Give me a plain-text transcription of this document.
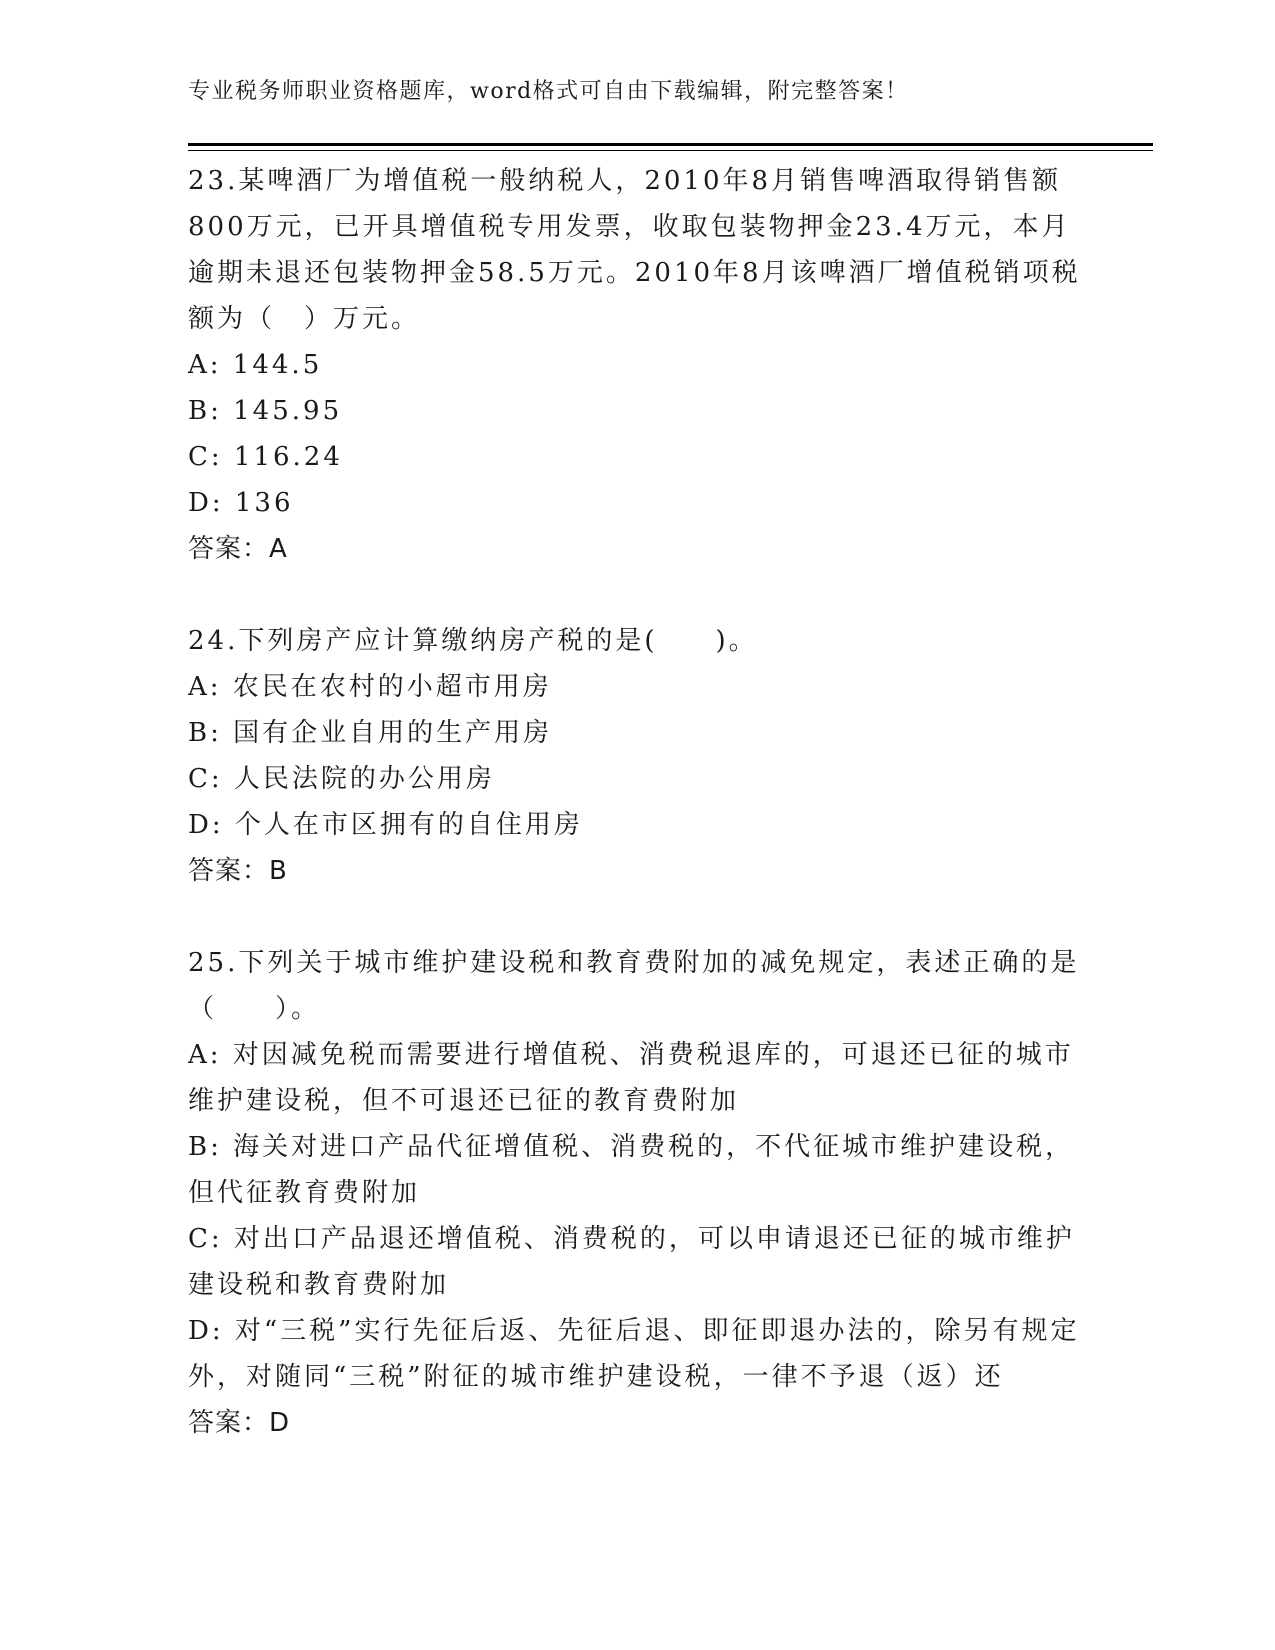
专业税务师职业资格题库，word格式可自由下载编辑，附完整答案！

23.某啤酒厂为增值税一般纳税人，2010年8月销售啤酒取得销售额800万元，已开具增值税专用发票，收取包装物押金23.4万元，本月逾期未退还包装物押金58.5万元。2010年8月该啤酒厂增值税销项税额为（　）万元。

A: 144.5

B: 145.95

C: 116.24

D: 136

答案：A

24.下列房产应计算缴纳房产税的是(　　)。

A: 农民在农村的小超市用房

B: 国有企业自用的生产用房

C: 人民法院的办公用房

D: 个人在市区拥有的自住用房

答案：B

25.下列关于城市维护建设税和教育费附加的减免规定，表述正确的是（　　）。

A: 对因减免税而需要进行增值税、消费税退库的，可退还已征的城市维护建设税，但不可退还已征的教育费附加

B: 海关对进口产品代征增值税、消费税的，不代征城市维护建设税，但代征教育费附加

C: 对出口产品退还增值税、消费税的，可以申请退还已征的城市维护建设税和教育费附加

D: 对“三税”实行先征后返、先征后退、即征即退办法的，除另有规定外，对随同“三税”附征的城市维护建设税，一律不予退（返）还

答案：D
